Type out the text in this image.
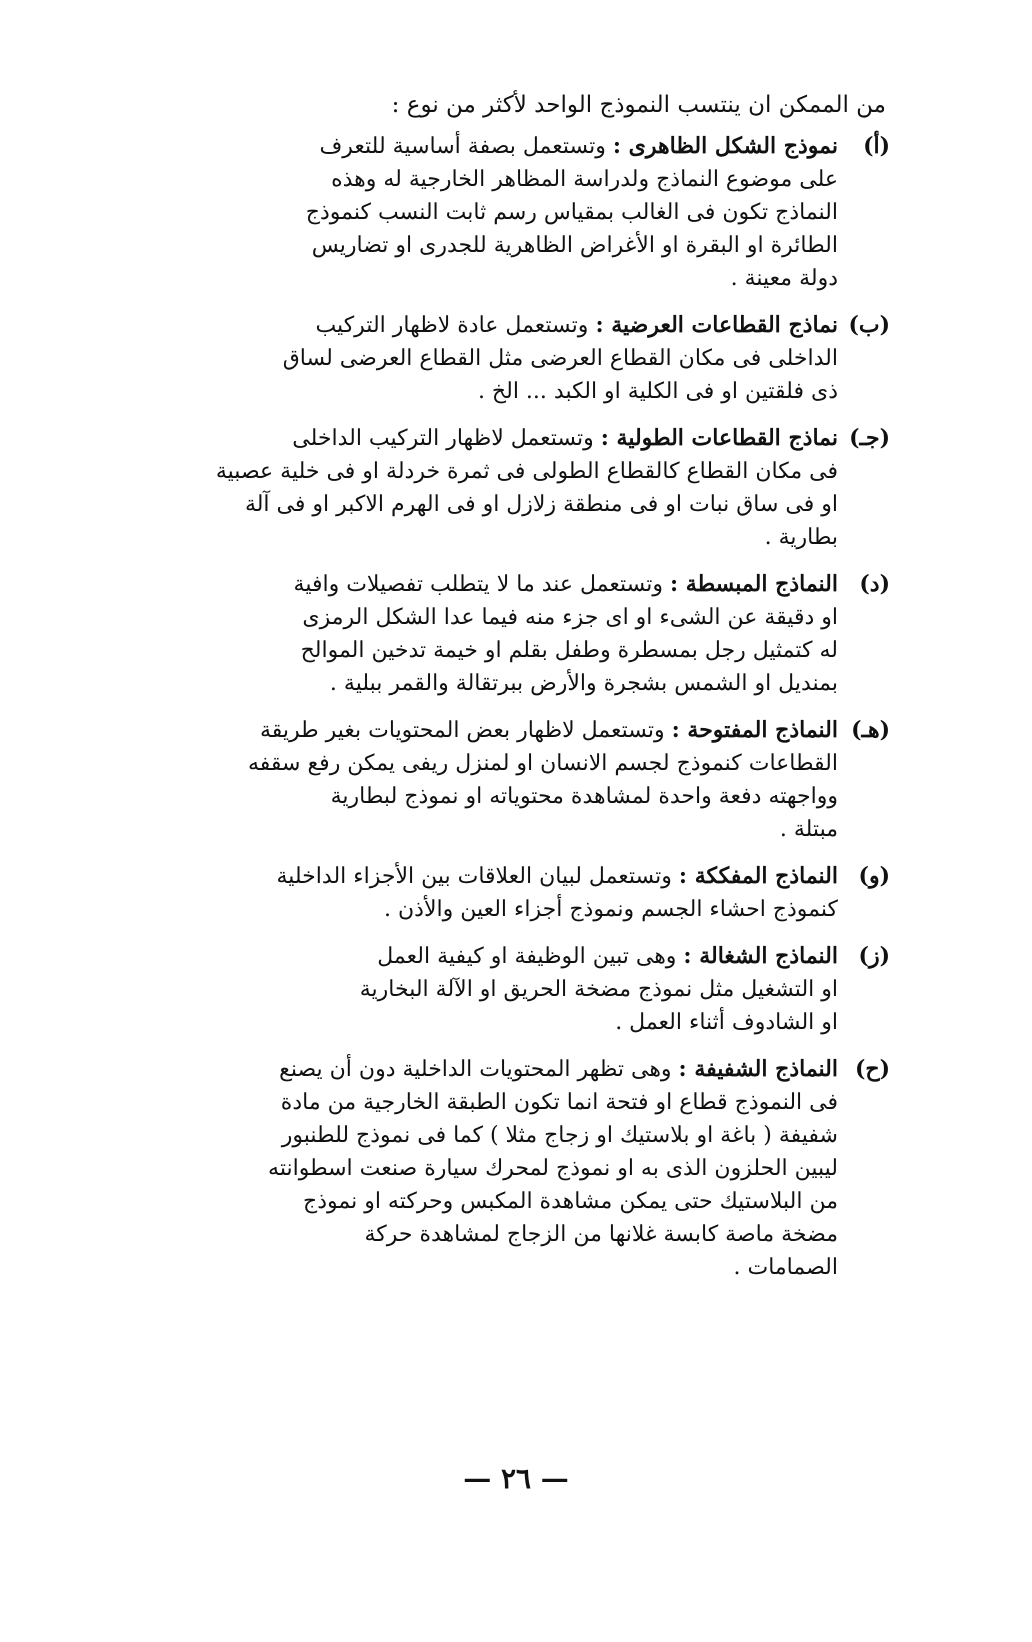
من الممكن ان ينتسب النموذج الواحد لأكثر من نوع :
(أ)
نموذج الشكل الظاهرى : وتستعمل بصفة أساسية للتعرف
على موضوع النماذج ولدراسة المظاهر الخارجية له وهذه
النماذج تكون فى الغالب بمقياس رسم ثابت النسب كنموذج
الطائرة او البقرة او الأغراض الظاهرية للجدرى او تضاريس
دولة معينة .
(ب)
نماذج القطاعات العرضية : وتستعمل عادة لاظهار التركيب
الداخلى فى مكان القطاع العرضى مثل القطاع العرضى لساق
ذى فلقتين او فى الكلية او الكبد ... الخ .
(جـ)
نماذج القطاعات الطولية : وتستعمل لاظهار التركيب الداخلى
فى مكان القطاع كالقطاع الطولى فى ثمرة خردلة او فى خلية عصبية
او فى ساق نبات او فى منطقة زلازل او فى الهرم الاكبر او فى آلة
بطارية .
(د)
النماذج المبسطة : وتستعمل عند ما لا يتطلب تفصيلات وافية
او دقيقة عن الشىء او اى جزء منه فيما عدا الشكل الرمزى
له كتمثيل رجل بمسطرة وطفل بقلم او خيمة تدخين الموالح
بمنديل او الشمس بشجرة والأرض ببرتقالة والقمر ببلية .
(هـ)
النماذج المفتوحة : وتستعمل لاظهار بعض المحتويات بغير طريقة
القطاعات كنموذج لجسم الانسان او لمنزل ريفى يمكن رفع سقفه
وواجهته دفعة واحدة لمشاهدة محتوياته او نموذج لبطارية
مبتلة .
(و)
النماذج المفككة : وتستعمل لبيان العلاقات بين الأجزاء الداخلية
كنموذج احشاء الجسم ونموذج أجزاء العين والأذن .
(ز)
النماذج الشغالة : وهى تبين الوظيفة او كيفية العمل
او التشغيل مثل نموذج مضخة الحريق او الآلة البخارية
او الشادوف أثناء العمل .
(ح)
النماذج الشفيفة : وهى تظهر المحتويات الداخلية دون أن يصنع
فى النموذج قطاع او فتحة انما تكون الطبقة الخارجية من مادة
شفيفة ( باغة او بلاستيك او زجاج مثلا ) كما فى نموذج للطنبور
ليبين الحلزون الذى به او نموذج لمحرك سيارة صنعت اسطوانته
من البلاستيك حتى يمكن مشاهدة المكبس وحركته او نموذج
مضخة ماصة كابسة غلانها من الزجاج لمشاهدة حركة
الصمامات .
— ٢٦ —
